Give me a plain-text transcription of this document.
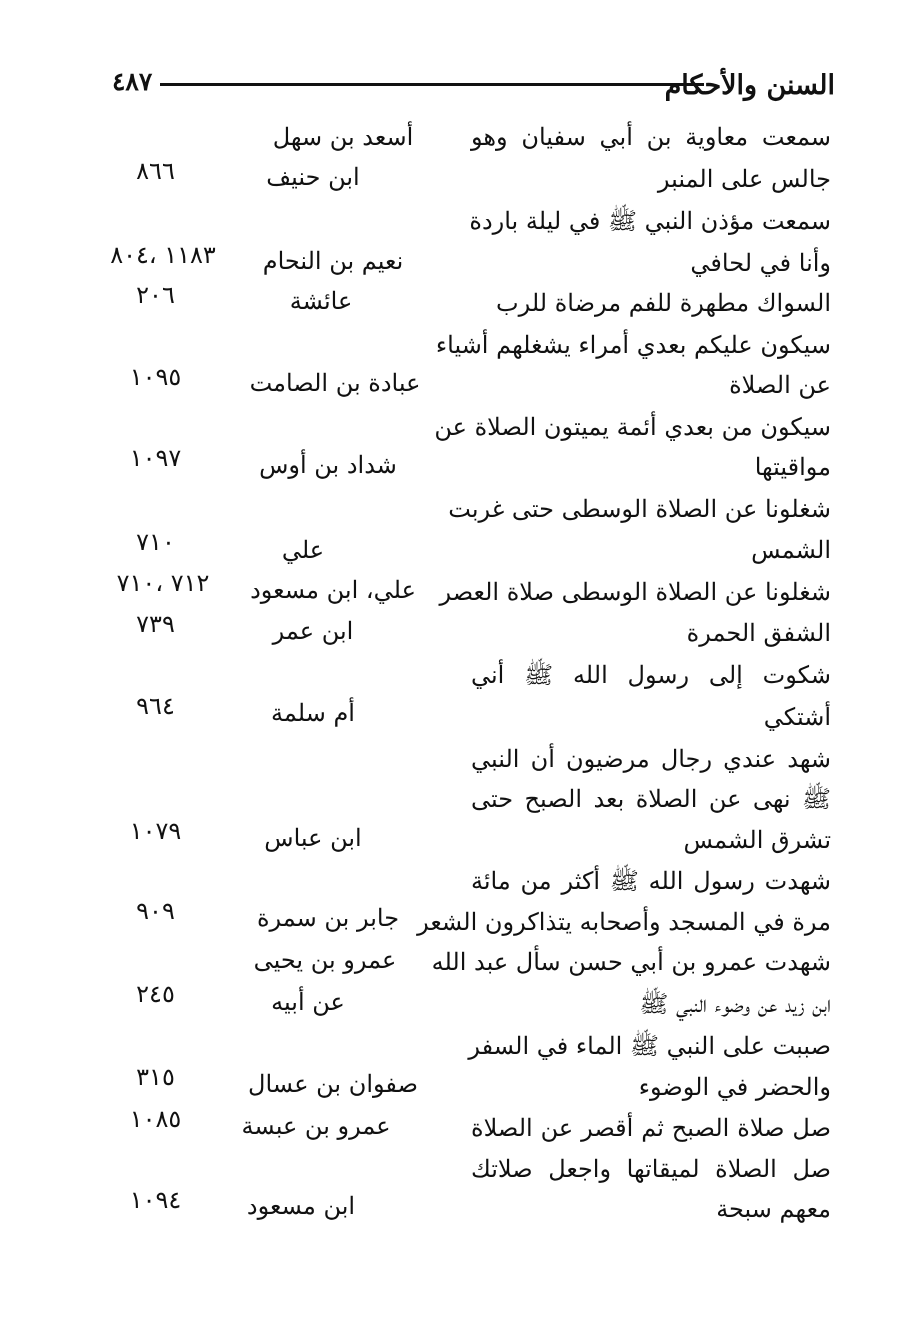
السنن والأحكام
٤٨٧
سمعت معاوية بن أبي سفيان وهو
جالس على المنبر
سمعت مؤذن النبي ﷺ في ليلة باردة
وأنا في لحافي
السواك مطهرة للفم مرضاة للرب
سيكون عليكم بعدي أمراء يشغلهم أشياء
عن الصلاة
سيكون من بعدي أئمة يميتون الصلاة عن
مواقيتها
شغلونا عن الصلاة الوسطى حتى غربت
الشمس
شغلونا عن الصلاة الوسطى صلاة العصر
الشفق الحمرة
شكوت إلى رسول الله ﷺ أني
أشتكي
شهد عندي رجال مرضيون أن النبي
ﷺ نهى عن الصلاة بعد الصبح حتى
تشرق الشمس
شهدت رسول الله ﷺ أكثر من مائة
مرة في المسجد وأصحابه يتذاكرون الشعر
شهدت عمرو بن أبي حسن سأل عبد الله
ابن زيد عن وضوء النبي ﷺ
صببت على النبي ﷺ الماء في السفر
والحضر في الوضوء
صل صلاة الصبح ثم أقصر عن الصلاة
صل الصلاة لميقاتها واجعل صلاتك
معهم سبحة
أسعد بن سهل
ابن حنيف
نعيم بن النحام
عائشة
عبادة بن الصامت
شداد بن أوس
علي
علي، ابن مسعود
ابن عمر
أم سلمة
ابن عباس
جابر بن سمرة
عمرو بن يحيى
عن أبيه
صفوان بن عسال
عمرو بن عبسة
ابن مسعود
٨٦٦
١١٨٣ ،٨٠٤
٢٠٦
١٠٩٥
١٠٩٧
٧١٠
٧١٢ ،٧١٠
٧٣٩
٩٦٤
١٠٧٩
٩٠٩
٢٤٥
٣١٥
١٠٨٥
١٠٩٤
